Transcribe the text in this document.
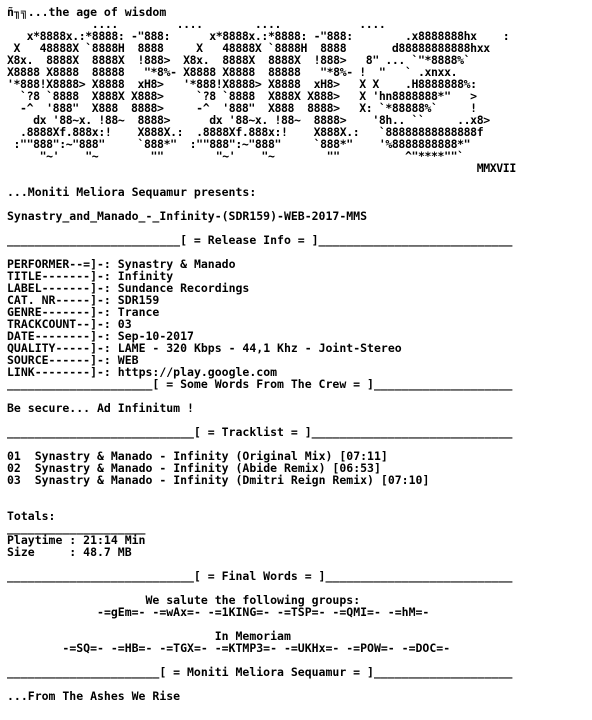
ñ╖╗...the age of wisdom
....         ....        ....            ....
x*8888x.:*8888: -"888:      x*8888x.:*8888: -"888:        .x8888888hx    :
X   48888X `8888H  8888     X   48888X `8888H  8888       d88888888888hxx
X8x.  8888X  8888X  !888>  X8x.  8888X  8888X  !888>   8" ... `"*8888%`
X8888 X8888  88888   "*8%- X8888 X8888  88888   "*8%- !  "   ` .xnxx.
'*888!X8888> X8888  xH8>   '*888!X8888> X8888  xH8>   X X    .H8888888%:
`?8 `8888  X888X X888>     `?8 `8888  X888X X888>   X 'hn8888888*"   >
-^  '888"  X888  8888>     -^  '888"  X888  8888>   X: `*88888%`     !
dx '88~x. !88~  8888>      dx '88~x. !88~  8888>    '8h.. ``     ..x8>
.8888Xf.888x:!    X888X.:  .8888Xf.888x:!    X888X.:   `88888888888888f
:""888":~"888"     `888*"  :""888":~"888"     `888*"    '%8888888888*"
"~'    "~        ""        "~'    "~        ""          ^"****""`
MMXVII
...Moniti Meliora Sequamur presents:
Synastry_and_Manado_-_Infinity-(SDR159)-WEB-2017-MMS
_________________________[ = Release Info = ]____________________________
PERFORMER--=]-: Synastry & Manado
TITLE-------]-: Infinity
LABEL-------]-: Sundance Recordings
CAT. NR-----]-: SDR159
GENRE-------]-: Trance
TRACKCOUNT--]-: 03
DATE--------]-: Sep-10-2017
QUALITY-----]-: LAME - 320 Kbps - 44,1 Khz - Joint-Stereo
SOURCE------]-: WEB
LINK--------]-: https://play.google.com
_____________________[ = Some Words From The Crew = ]____________________
Be secure... Ad Infinitum !
___________________________[ = Tracklist = ]_____________________________
01 Synastry & Manado - Infinity (Original Mix) [07:11]
02 Synastry & Manado - Infinity (Abide Remix) [06:53]
03 Synastry & Manado - Infinity (Dmitri Reign Remix) [07:10]
Totals:
____________________
Playtime : 21:14 Min
Size     : 48.7 MB
___________________________[ = Final Words = ]___________________________
We salute the following groups:
-=gEm=- -=wAx=- -=1KING=- -=TSP=- -=QMI=- -=hM=-
In Memoriam
-=SQ=- -=HB=- -=TGX=- -=KTMP3=- -=UKHx=- -=POW=- -=DOC=-
______________________[ = Moniti Meliora Sequamur = ]____________________
...From The Ashes We Rise
